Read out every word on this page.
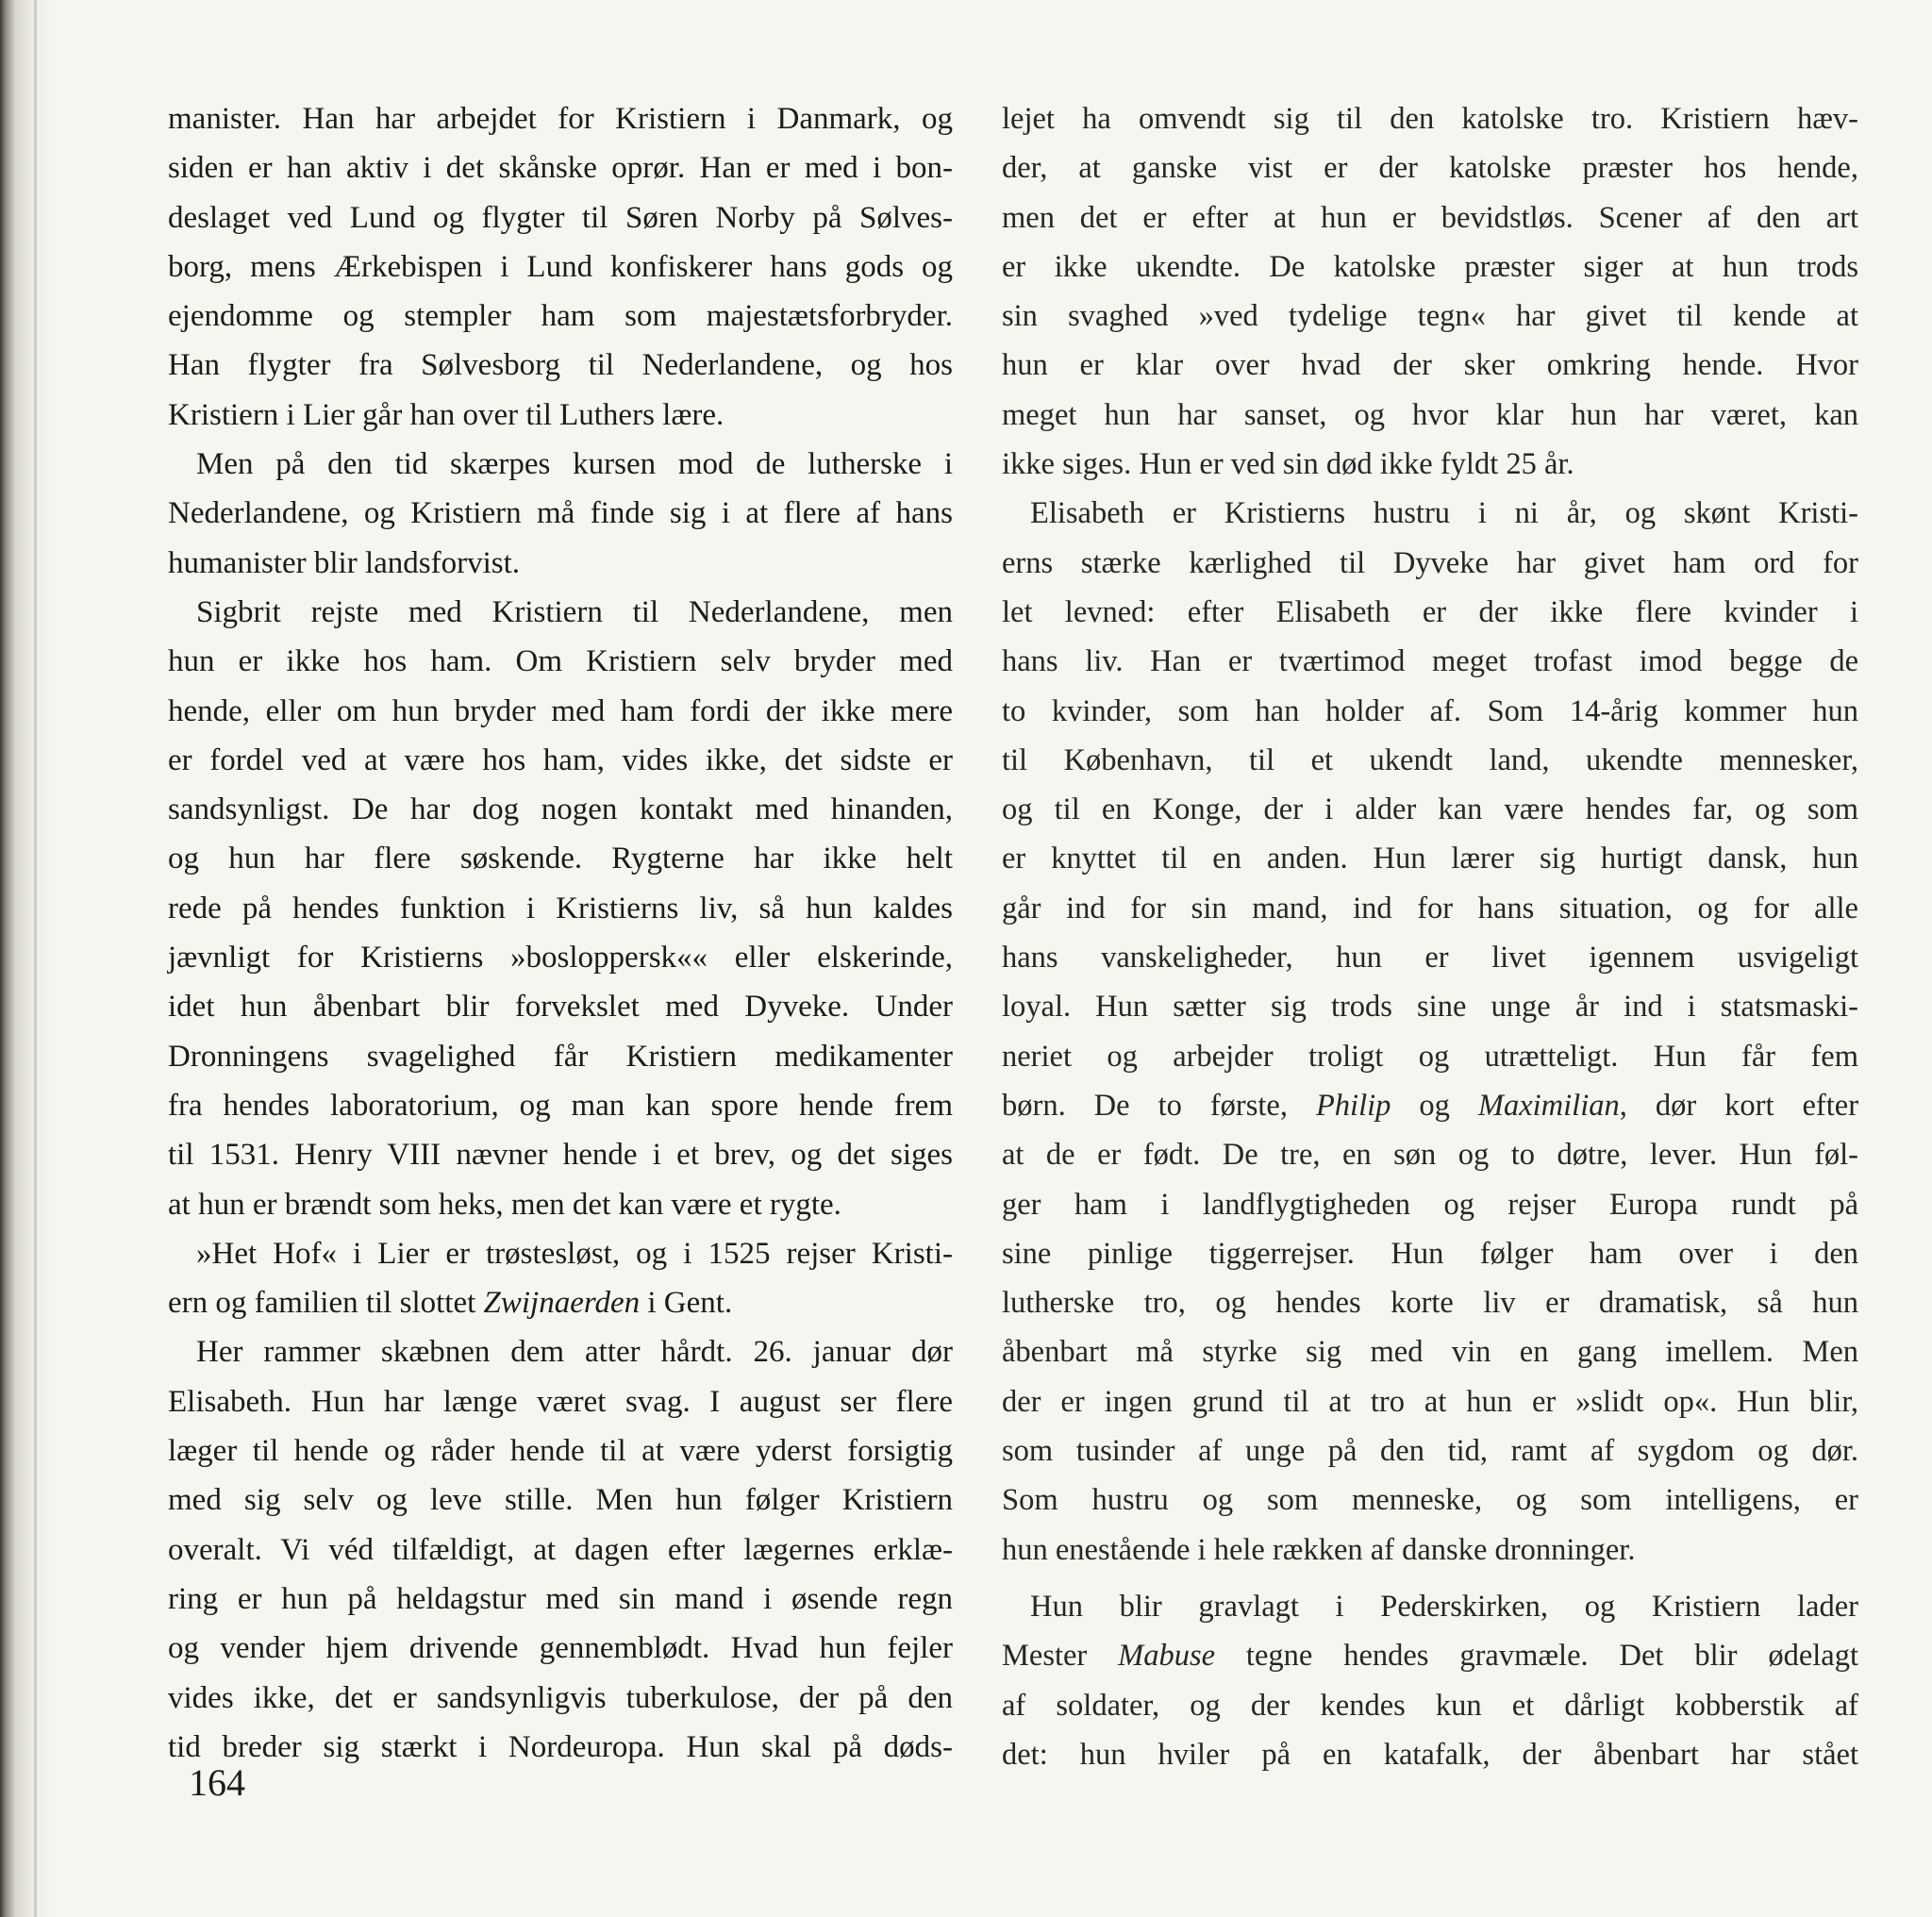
manister. Han har arbejdet for Kristiern i Danmark, og
siden er han aktiv i det skånske oprør. Han er med i bon-
deslaget ved Lund og flygter til Søren Norby på Sølves-
borg, mens Ærkebispen i Lund konfiskerer hans gods og
ejendomme og stempler ham som majestætsforbryder.
Han flygter fra Sølvesborg til Nederlandene, og hos
Kristiern i Lier går han over til Luthers lære.
Men på den tid skærpes kursen mod de lutherske i
Nederlandene, og Kristiern må finde sig i at flere af hans
humanister blir landsforvist.
Sigbrit rejste med Kristiern til Nederlandene, men
hun er ikke hos ham. Om Kristiern selv bryder med
hende, eller om hun bryder med ham fordi der ikke mere
er fordel ved at være hos ham, vides ikke, det sidste er
sandsynligst. De har dog nogen kontakt med hinanden,
og hun har flere søskende. Rygterne har ikke helt
rede på hendes funktion i Kristierns liv, så hun kaldes
jævnligt for Kristierns »bosloppersk«« eller elskerinde,
idet hun åbenbart blir forvekslet med Dyveke. Under
Dronningens svagelighed får Kristiern medikamenter
fra hendes laboratorium, og man kan spore hende frem
til 1531. Henry VIII nævner hende i et brev, og det siges
at hun er brændt som heks, men det kan være et rygte.
»Het Hof« i Lier er trøstesløst, og i 1525 rejser Kristi-
ern og familien til slottet Zwijnaerden i Gent.
Her rammer skæbnen dem atter hårdt. 26. januar dør
Elisabeth. Hun har længe været svag. I august ser flere
læger til hende og råder hende til at være yderst forsigtig
med sig selv og leve stille. Men hun følger Kristiern
overalt. Vi véd tilfældigt, at dagen efter lægernes erklæ-
ring er hun på heldagstur med sin mand i øsende regn
og vender hjem drivende gennemblødt. Hvad hun fejler
vides ikke, det er sandsynligvis tuberkulose, der på den
tid breder sig stærkt i Nordeuropa. Hun skal på døds-
lejet ha omvendt sig til den katolske tro. Kristiern hæv-
der, at ganske vist er der katolske præster hos hende,
men det er efter at hun er bevidstløs. Scener af den art
er ikke ukendte. De katolske præster siger at hun trods
sin svaghed »ved tydelige tegn« har givet til kende at
hun er klar over hvad der sker omkring hende. Hvor
meget hun har sanset, og hvor klar hun har været, kan
ikke siges. Hun er ved sin død ikke fyldt 25 år.
Elisabeth er Kristierns hustru i ni år, og skønt Kristi-
erns stærke kærlighed til Dyveke har givet ham ord for
let levned: efter Elisabeth er der ikke flere kvinder i
hans liv. Han er tværtimod meget trofast imod begge de
to kvinder, som han holder af. Som 14-årig kommer hun
til København, til et ukendt land, ukendte mennesker,
og til en Konge, der i alder kan være hendes far, og som
er knyttet til en anden. Hun lærer sig hurtigt dansk, hun
går ind for sin mand, ind for hans situation, og for alle
hans vanskeligheder, hun er livet igennem usvigeligt
loyal. Hun sætter sig trods sine unge år ind i statsmaski-
neriet og arbejder troligt og utrætteligt. Hun får fem
børn. De to første, Philip og Maximilian, dør kort efter
at de er født. De tre, en søn og to døtre, lever. Hun føl-
ger ham i landflygtigheden og rejser Europa rundt på
sine pinlige tiggerrejser. Hun følger ham over i den
lutherske tro, og hendes korte liv er dramatisk, så hun
åbenbart må styrke sig med vin en gang imellem. Men
der er ingen grund til at tro at hun er »slidt op«. Hun blir,
som tusinder af unge på den tid, ramt af sygdom og dør.
Som hustru og som menneske, og som intelligens, er
hun enestående i hele rækken af danske dronninger.
Hun blir gravlagt i Pederskirken, og Kristiern lader
Mester Mabuse tegne hendes gravmæle. Det blir ødelagt
af soldater, og der kendes kun et dårligt kobberstik af
det: hun hviler på en katafalk, der åbenbart har stået
164
